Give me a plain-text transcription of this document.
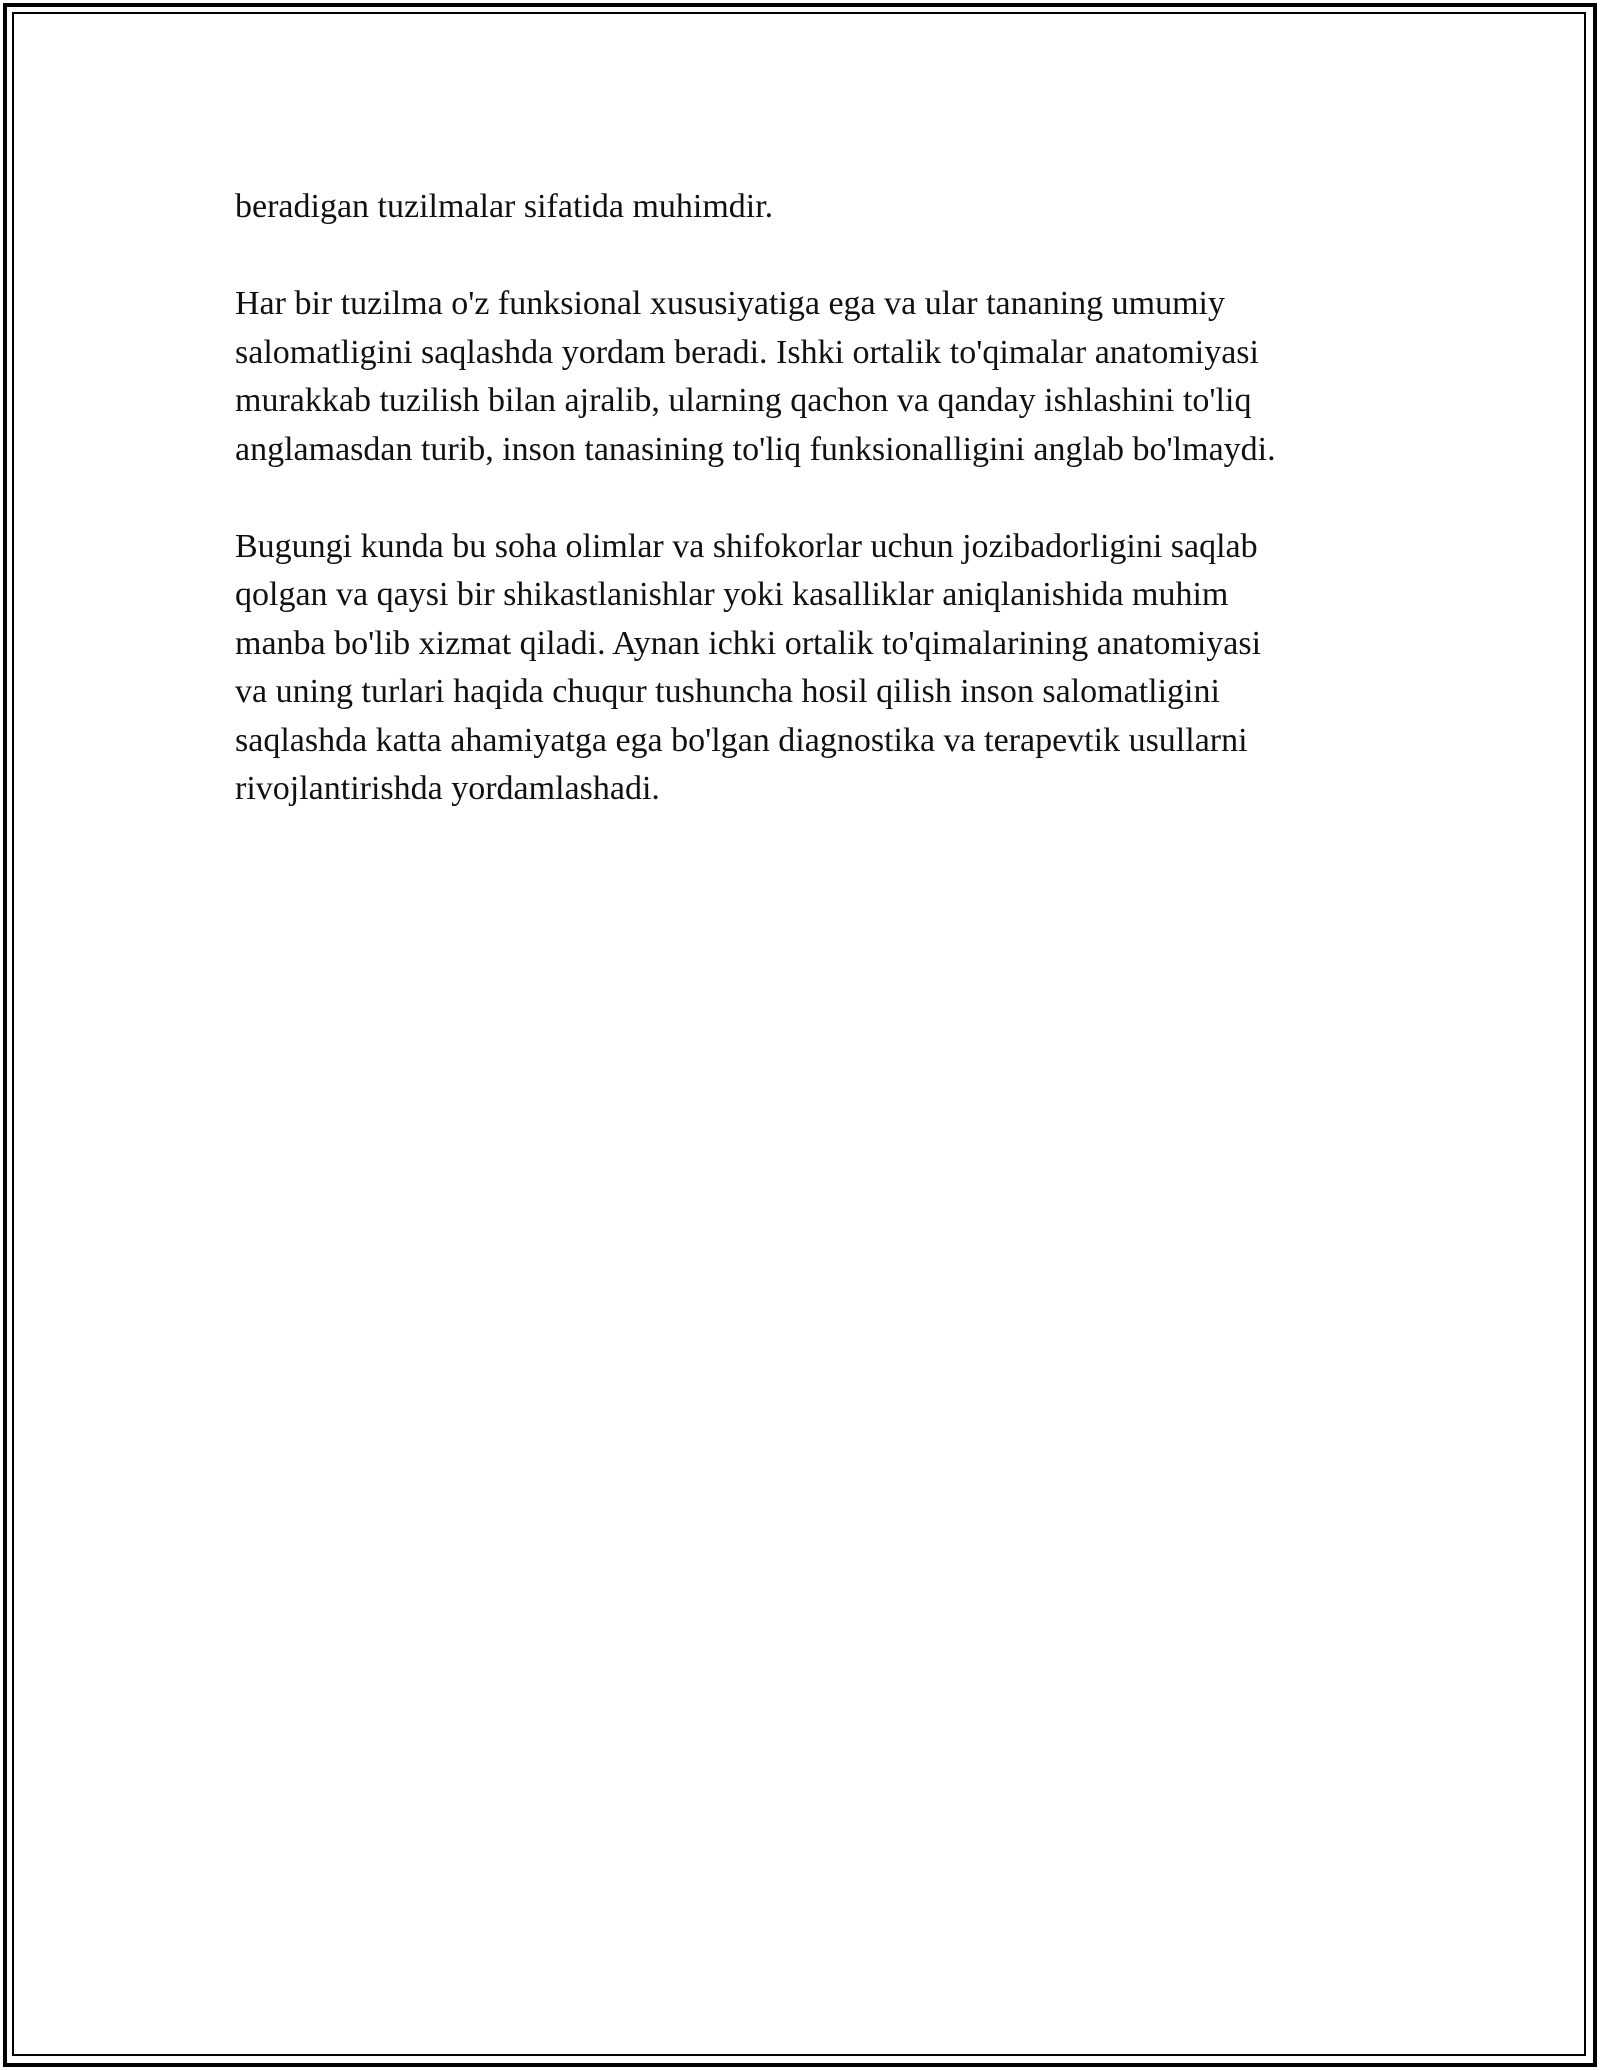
beradigan tuzilmalar sifatida muhimdir.

Har bir tuzilma o'z funksional xususiyatiga ega va ular tananing umumiy
salomatligini saqlashda yordam beradi. Ishki ortalik to'qimalar anatomiyasi
murakkab tuzilish bilan ajralib, ularning qachon va qanday ishlashini to'liq
anglamasdan turib, inson tanasining to'liq funksionalligini anglab bo'lmaydi.

Bugungi kunda bu soha olimlar va shifokorlar uchun jozibadorligini saqlab
qolgan va qaysi bir shikastlanishlar yoki kasalliklar aniqlanishida muhim
manba bo'lib xizmat qiladi. Aynan ichki ortalik to'qimalarining anatomiyasi
va uning turlari haqida chuqur tushuncha hosil qilish inson salomatligini
saqlashda katta ahamiyatga ega bo'lgan diagnostika va terapevtik usullarni
rivojlantirishda yordamlashadi.
